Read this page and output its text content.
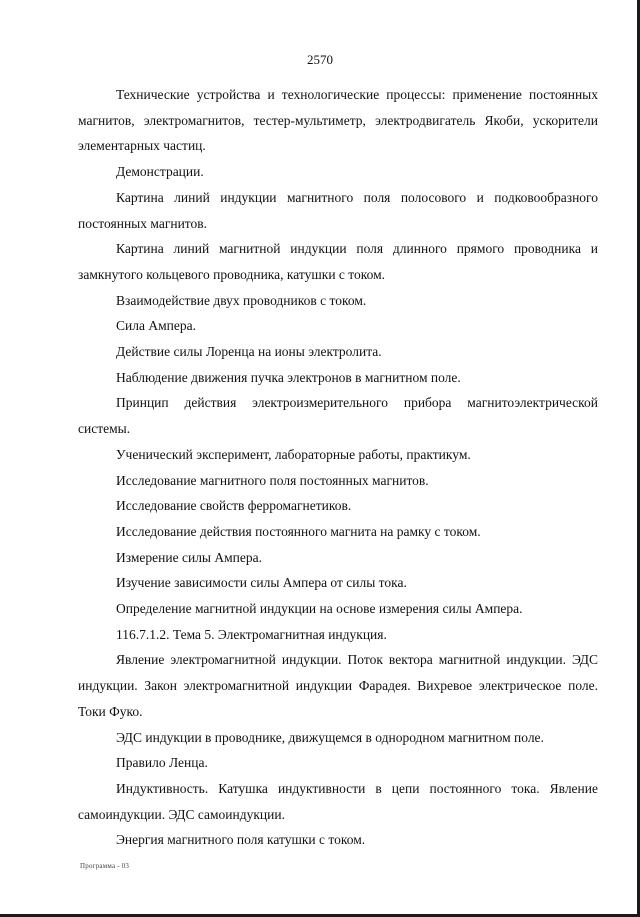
2570

Технические устройства и технологические процессы: применение постоянных магнитов, электромагнитов, тестер-мультиметр, электродвигатель Якоби, ускорители элементарных частиц.

Демонстрации.

Картина линий индукции магнитного поля полосового и подковообразного постоянных магнитов.

Картина линий магнитной индукции поля длинного прямого проводника и замкнутого кольцевого проводника, катушки с током.

Взаимодействие двух проводников с током.

Сила Ампера.

Действие силы Лоренца на ионы электролита.

Наблюдение движения пучка электронов в магнитном поле.

Принцип действия электроизмерительного прибора магнитоэлектрической системы.

Ученический эксперимент, лабораторные работы, практикум.

Исследование магнитного поля постоянных магнитов.

Исследование свойств ферромагнетиков.

Исследование действия постоянного магнита на рамку с током.

Измерение силы Ампера.

Изучение зависимости силы Ампера от силы тока.

Определение магнитной индукции на основе измерения силы Ампера.

116.7.1.2. Тема 5. Электромагнитная индукция.

Явление электромагнитной индукции. Поток вектора магнитной индукции. ЭДС индукции. Закон электромагнитной индукции Фарадея. Вихревое электрическое поле. Токи Фуко.

ЭДС индукции в проводнике, движущемся в однородном магнитном поле.

Правило Ленца.

Индуктивность. Катушка индуктивности в цепи постоянного тока. Явление самоиндукции. ЭДС самоиндукции.

Энергия магнитного поля катушки с током.

Программа - 03
